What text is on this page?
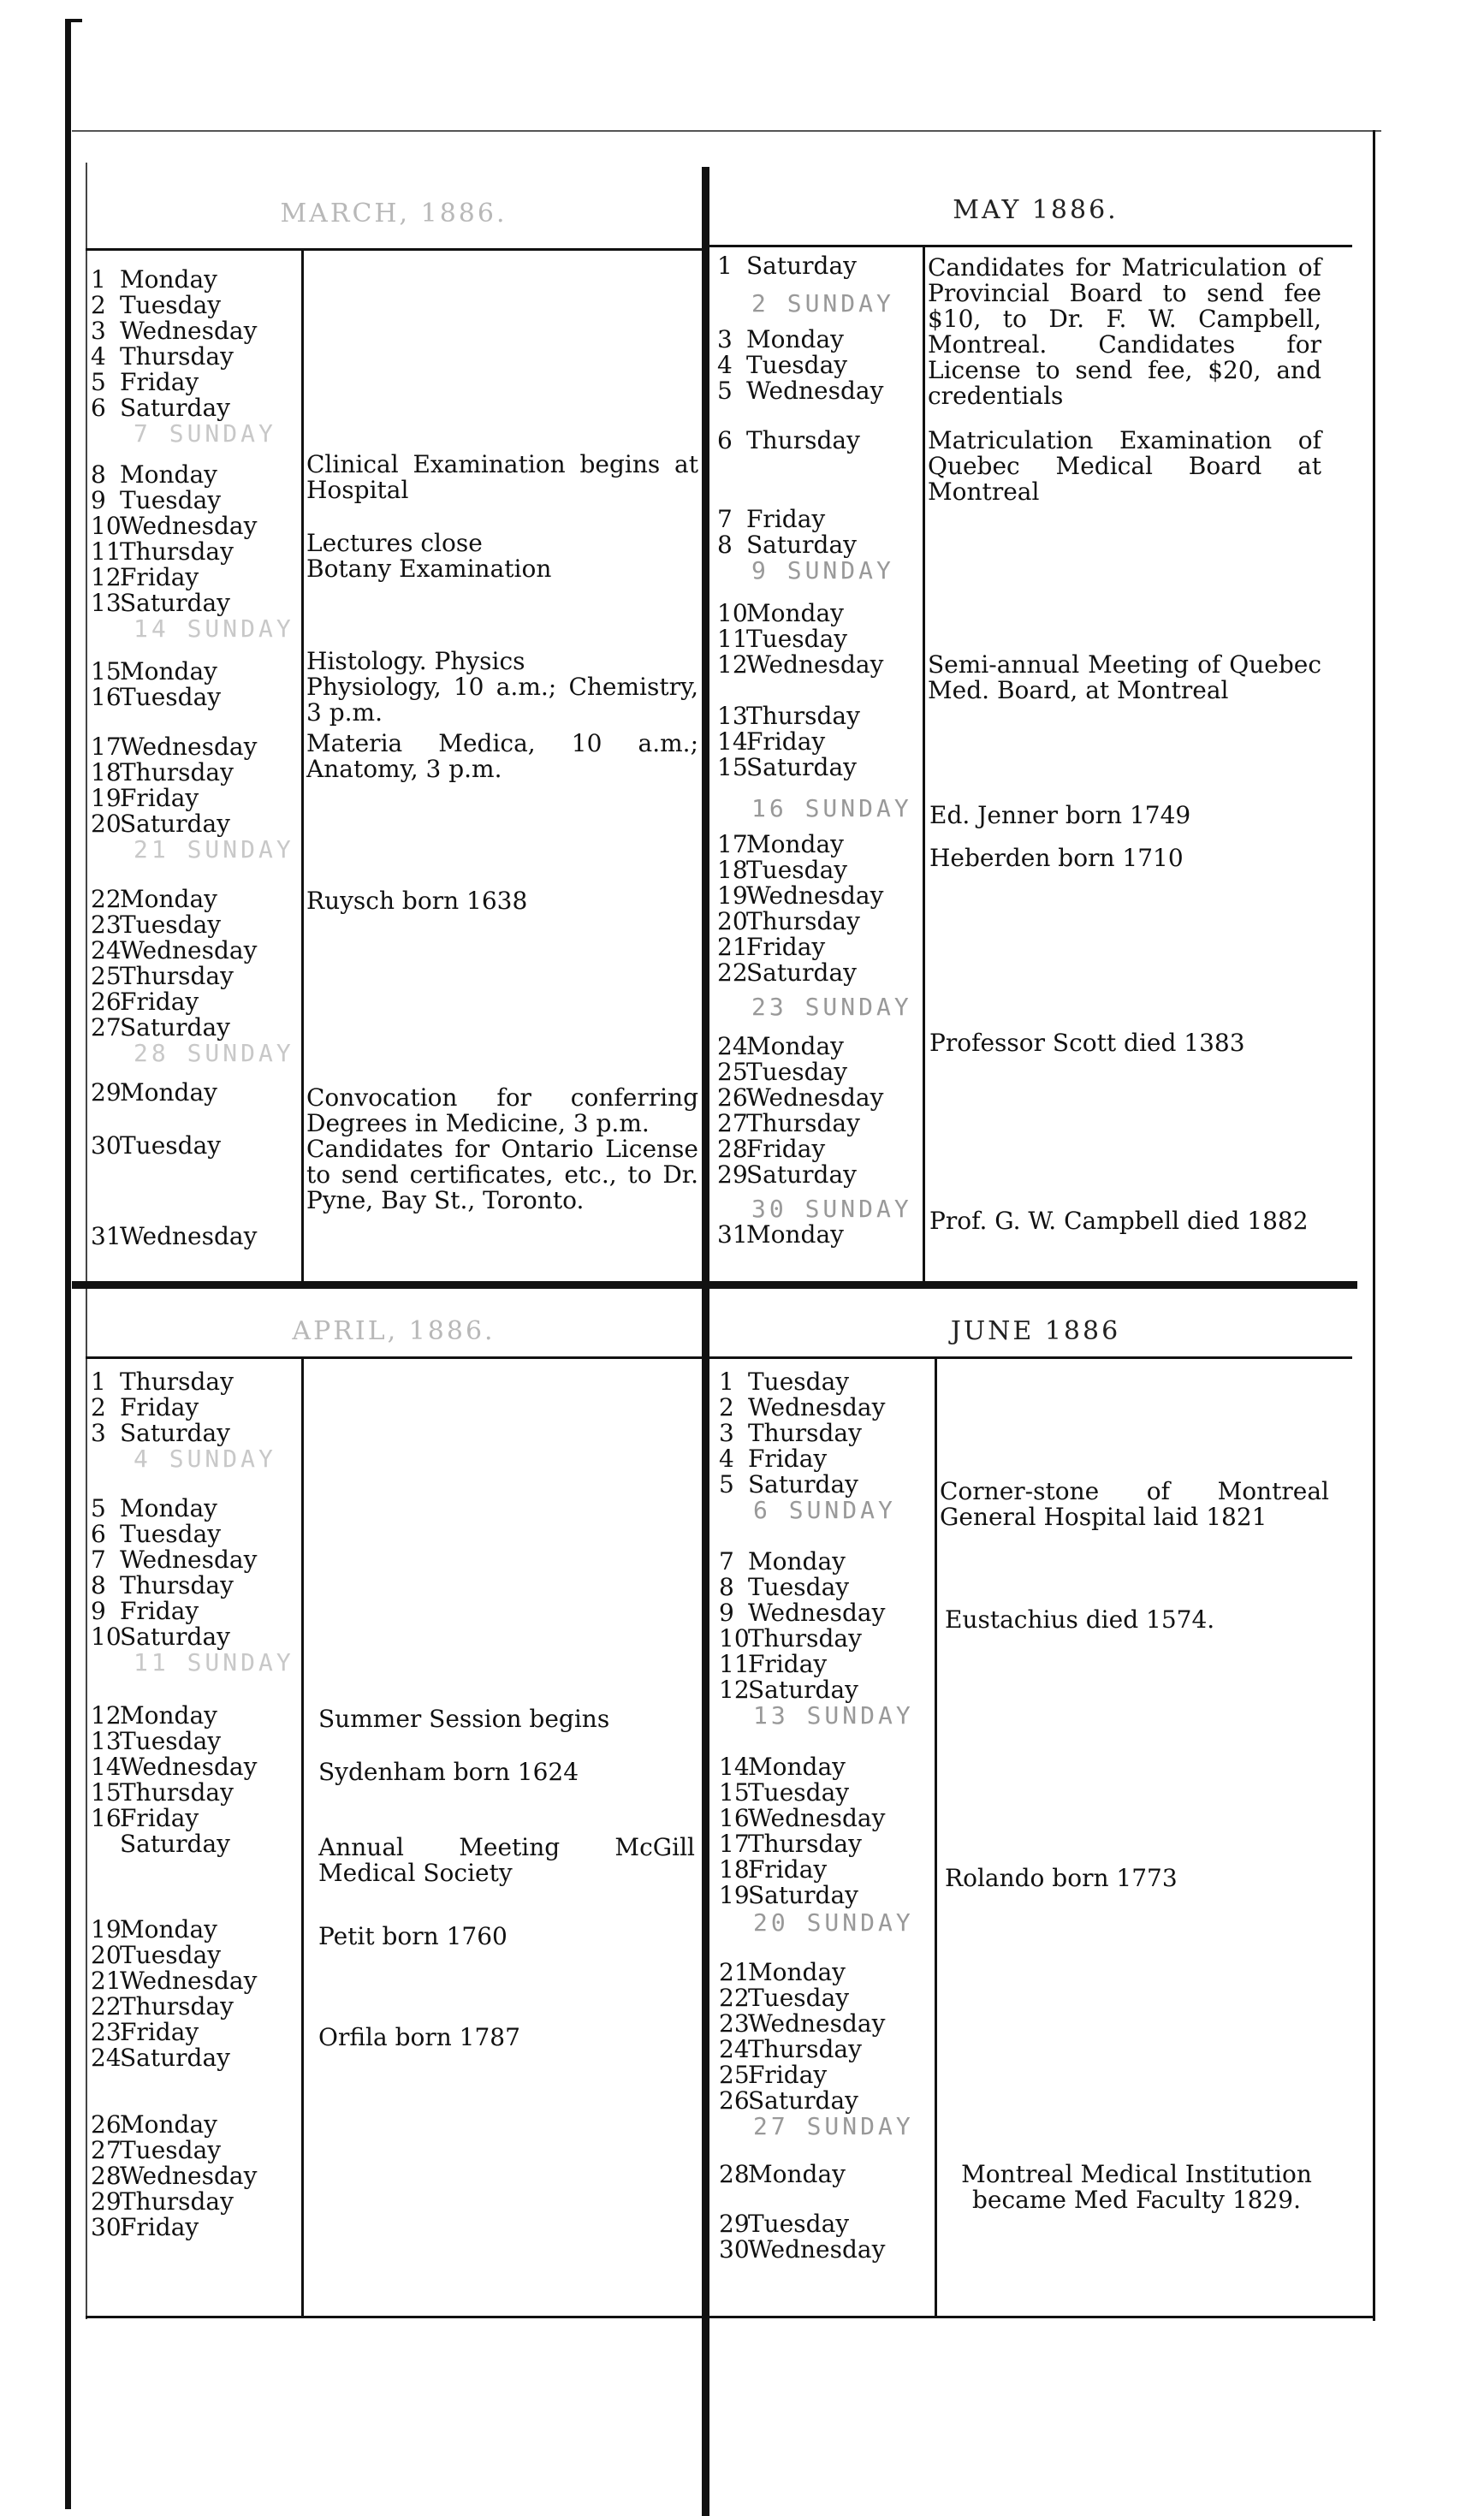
MARCH, 1886.	MAY 1886.
APRIL, 1886.	JUNE 1886
1 Monday
2 Tuesday
3 Wednesday
4 Thursday
5 Friday
6 Saturday
7 SUNDAY
8 Monday
9 Tuesday
10Wednesday
11Thursday
12Friday
13Saturday
14 SUNDAY
15Monday
16Tuesday
17Wednesday
18Thursday
19Friday
20Saturday
21 SUNDAY
22Monday
23Tuesday
24Wednesday
25Thursday
26Friday
27Saturday
28 SUNDAY
29Monday
30Tuesday
31Wednesday
1 Saturday
2 SUNDAY
3 Monday
4 Tuesday
5 Wednesday
6 Thursday
7 Friday
8 Saturday
9 SUNDAY
10Monday
11Tuesday
12Wednesday
13Thursday
14Friday
15Saturday
16 SUNDAY
17Monday
18Tuesday
19Wednesday
20Thursday
21Friday
22Saturday
23 SUNDAY
24Monday
25Tuesday
26Wednesday
27Thursday
28Friday
29Saturday
30 SUNDAY
31Monday
1 Thursday
2 Friday
3 Saturday
4 SUNDAY
5 Monday
6 Tuesday
7 Wednesday
8 Thursday
9 Friday
10Saturday
11 SUNDAY
12Monday
13Tuesday
14Wednesday
15Thursday
16Friday
Saturday
19Monday
20Tuesday
21Wednesday
22Thursday
23Friday
24Saturday
26Monday
27Tuesday
28Wednesday
29Thursday
30Friday
1 Tuesday
2 Wednesday
3 Thursday
4 Friday
5 Saturday
6 SUNDAY
7 Monday
8 Tuesday
9 Wednesday
10Thursday
11Friday
12Saturday
13 SUNDAY
14Monday
15Tuesday
16Wednesday
17Thursday
18Friday
19Saturday
20 SUNDAY
21Monday
22Tuesday
23Wednesday
24Thursday
25Friday
26Saturday
27 SUNDAY
28Monday
29Tuesday
30Wednesday
Clinical Examination begins at Hospital
Lectures close
Botany Examination
Histology. Physics
Physiology, 10 a.m.; Chemistry, 3 p.m.
Materia Medica, 10 a.m.; Anatomy, 3 p.m.
Ruysch born 1638
Convocation for conferring Degrees in Medicine, 3 p.m.
Candidates for Ontario License to send certificates, etc., to Dr. Pyne, Bay St., Toronto.
Candidates for Matriculation of Provincial Board to send fee $10, to Dr. F. W. Campbell, Montreal. Candidates for License to send fee, $20, and credentials
Matriculation Examination of Quebec Medical Board at Montreal
Semi-annual Meeting of Quebec Med. Board, at Montreal
Ed. Jenner born 1749
Heberden born 1710
Professor Scott died 1383
Prof. G. W. Campbell died 1882
Summer Session begins
Sydenham born 1624
Annual Meeting McGill Medical Society
Petit born 1760
Orfila born 1787
Corner-stone of Montreal General Hospital laid 1821
Eustachius died 1574.
Rolando born 1773
Montreal Medical Institution became Med Faculty 1829.
